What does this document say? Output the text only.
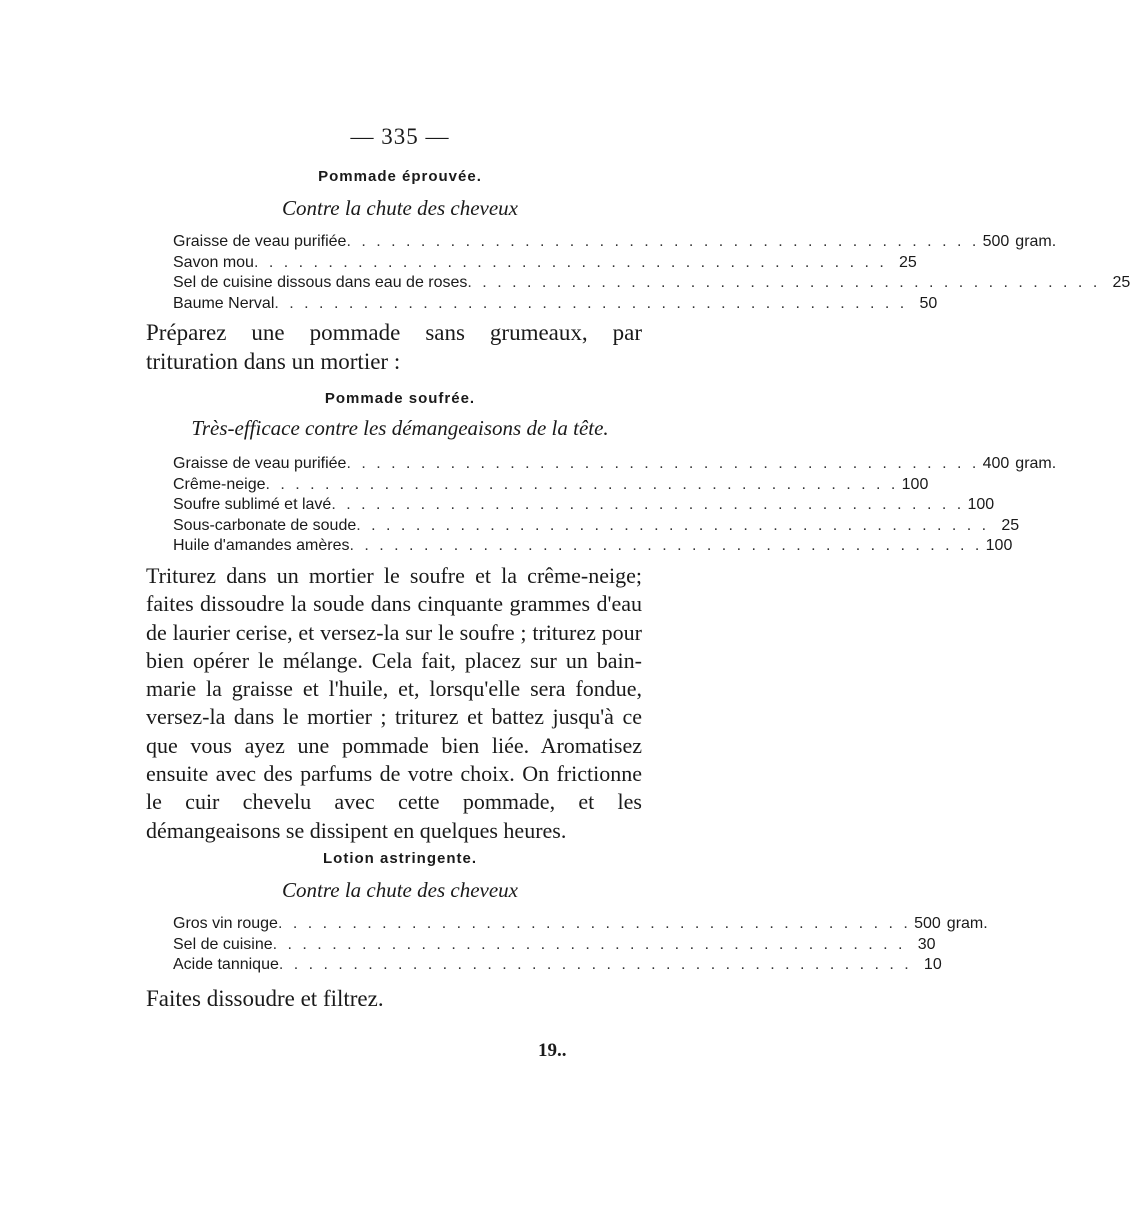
— 335 —
Pommade éprouvée.
Contre la chute des cheveux
Graisse de veau purifiée . . .	500 gram.
Savon mou . . .	25
Sel de cuisine dissous dans eau de roses . . .	25
Baume Nerval . . .	50

Préparez une pommade sans grumeaux, par trituration dans un mortier :

Pommade soufrée.
Très-efficace contre les démangeaisons de la tête.
Graisse de veau purifiée . . .	400 gram.
Crême-neige . . .	100
Soufre sublimé et lavé . . .	100
Sous-carbonate de soude . . .	25
Huile d'amandes amères . . .	100

Triturez dans un mortier le soufre et la crême-neige; faites dissoudre la soude dans cinquante grammes d'eau de laurier cerise, et versez-la sur le soufre ; triturez pour bien opérer le mélange. Cela fait, placez sur un bain-marie la graisse et l'huile, et, lorsqu'elle sera fondue, versez-la dans le mortier ; triturez et battez jusqu'à ce que vous ayez une pommade bien liée. Aromatisez ensuite avec des parfums de votre choix. On frictionne le cuir chevelu avec cette pommade, et les démangeaisons se dissipent en quelques heures.

Lotion astringente.
Contre la chute des cheveux
Gros vin rouge . . .	500 gram.
Sel de cuisine . . .	30
Acide tannique . . .	10

Faites dissoudre et filtrez.

19..
